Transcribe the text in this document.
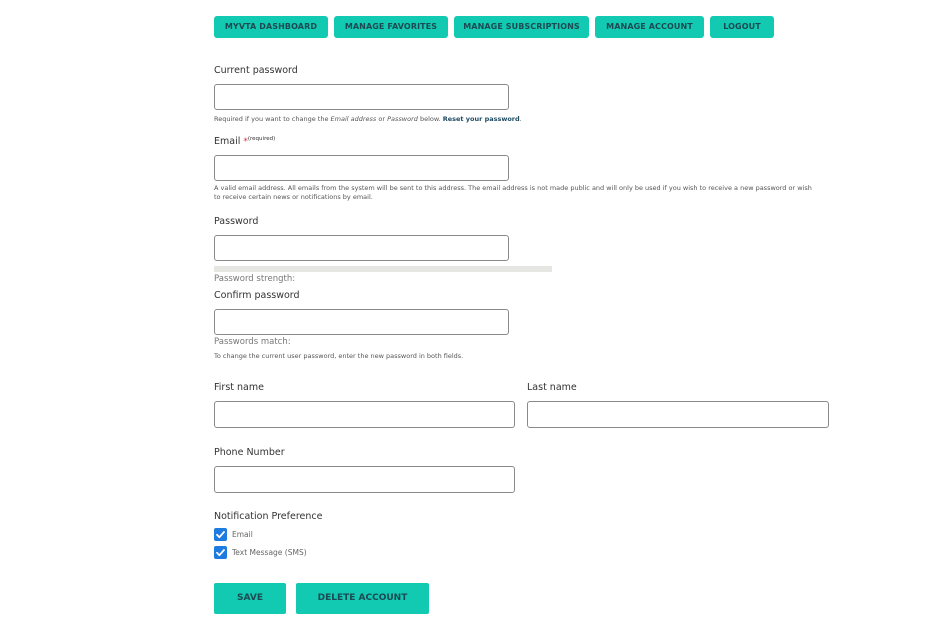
MYVTA DASHBOARD	MANAGE FAVORITES	MANAGE SUBSCRIPTIONS	MANAGE ACCOUNT	LOGOUT
Current password
Required if you want to change the Email address or Password below. Reset your password.
Email *$^{(required)}$
A valid email address. All emails from the system will be sent to this address. The email address is not made public and will only be used if you wish to receive a new password or wish to receive certain news or notifications by email.
Password
Password strength:
Confirm password
Passwords match:
To change the current user password, enter the new password in both fields.
First name	Last name
Phone Number
Notification Preference
Email
Text Message (SMS)
SAVE	DELETE ACCOUNT
